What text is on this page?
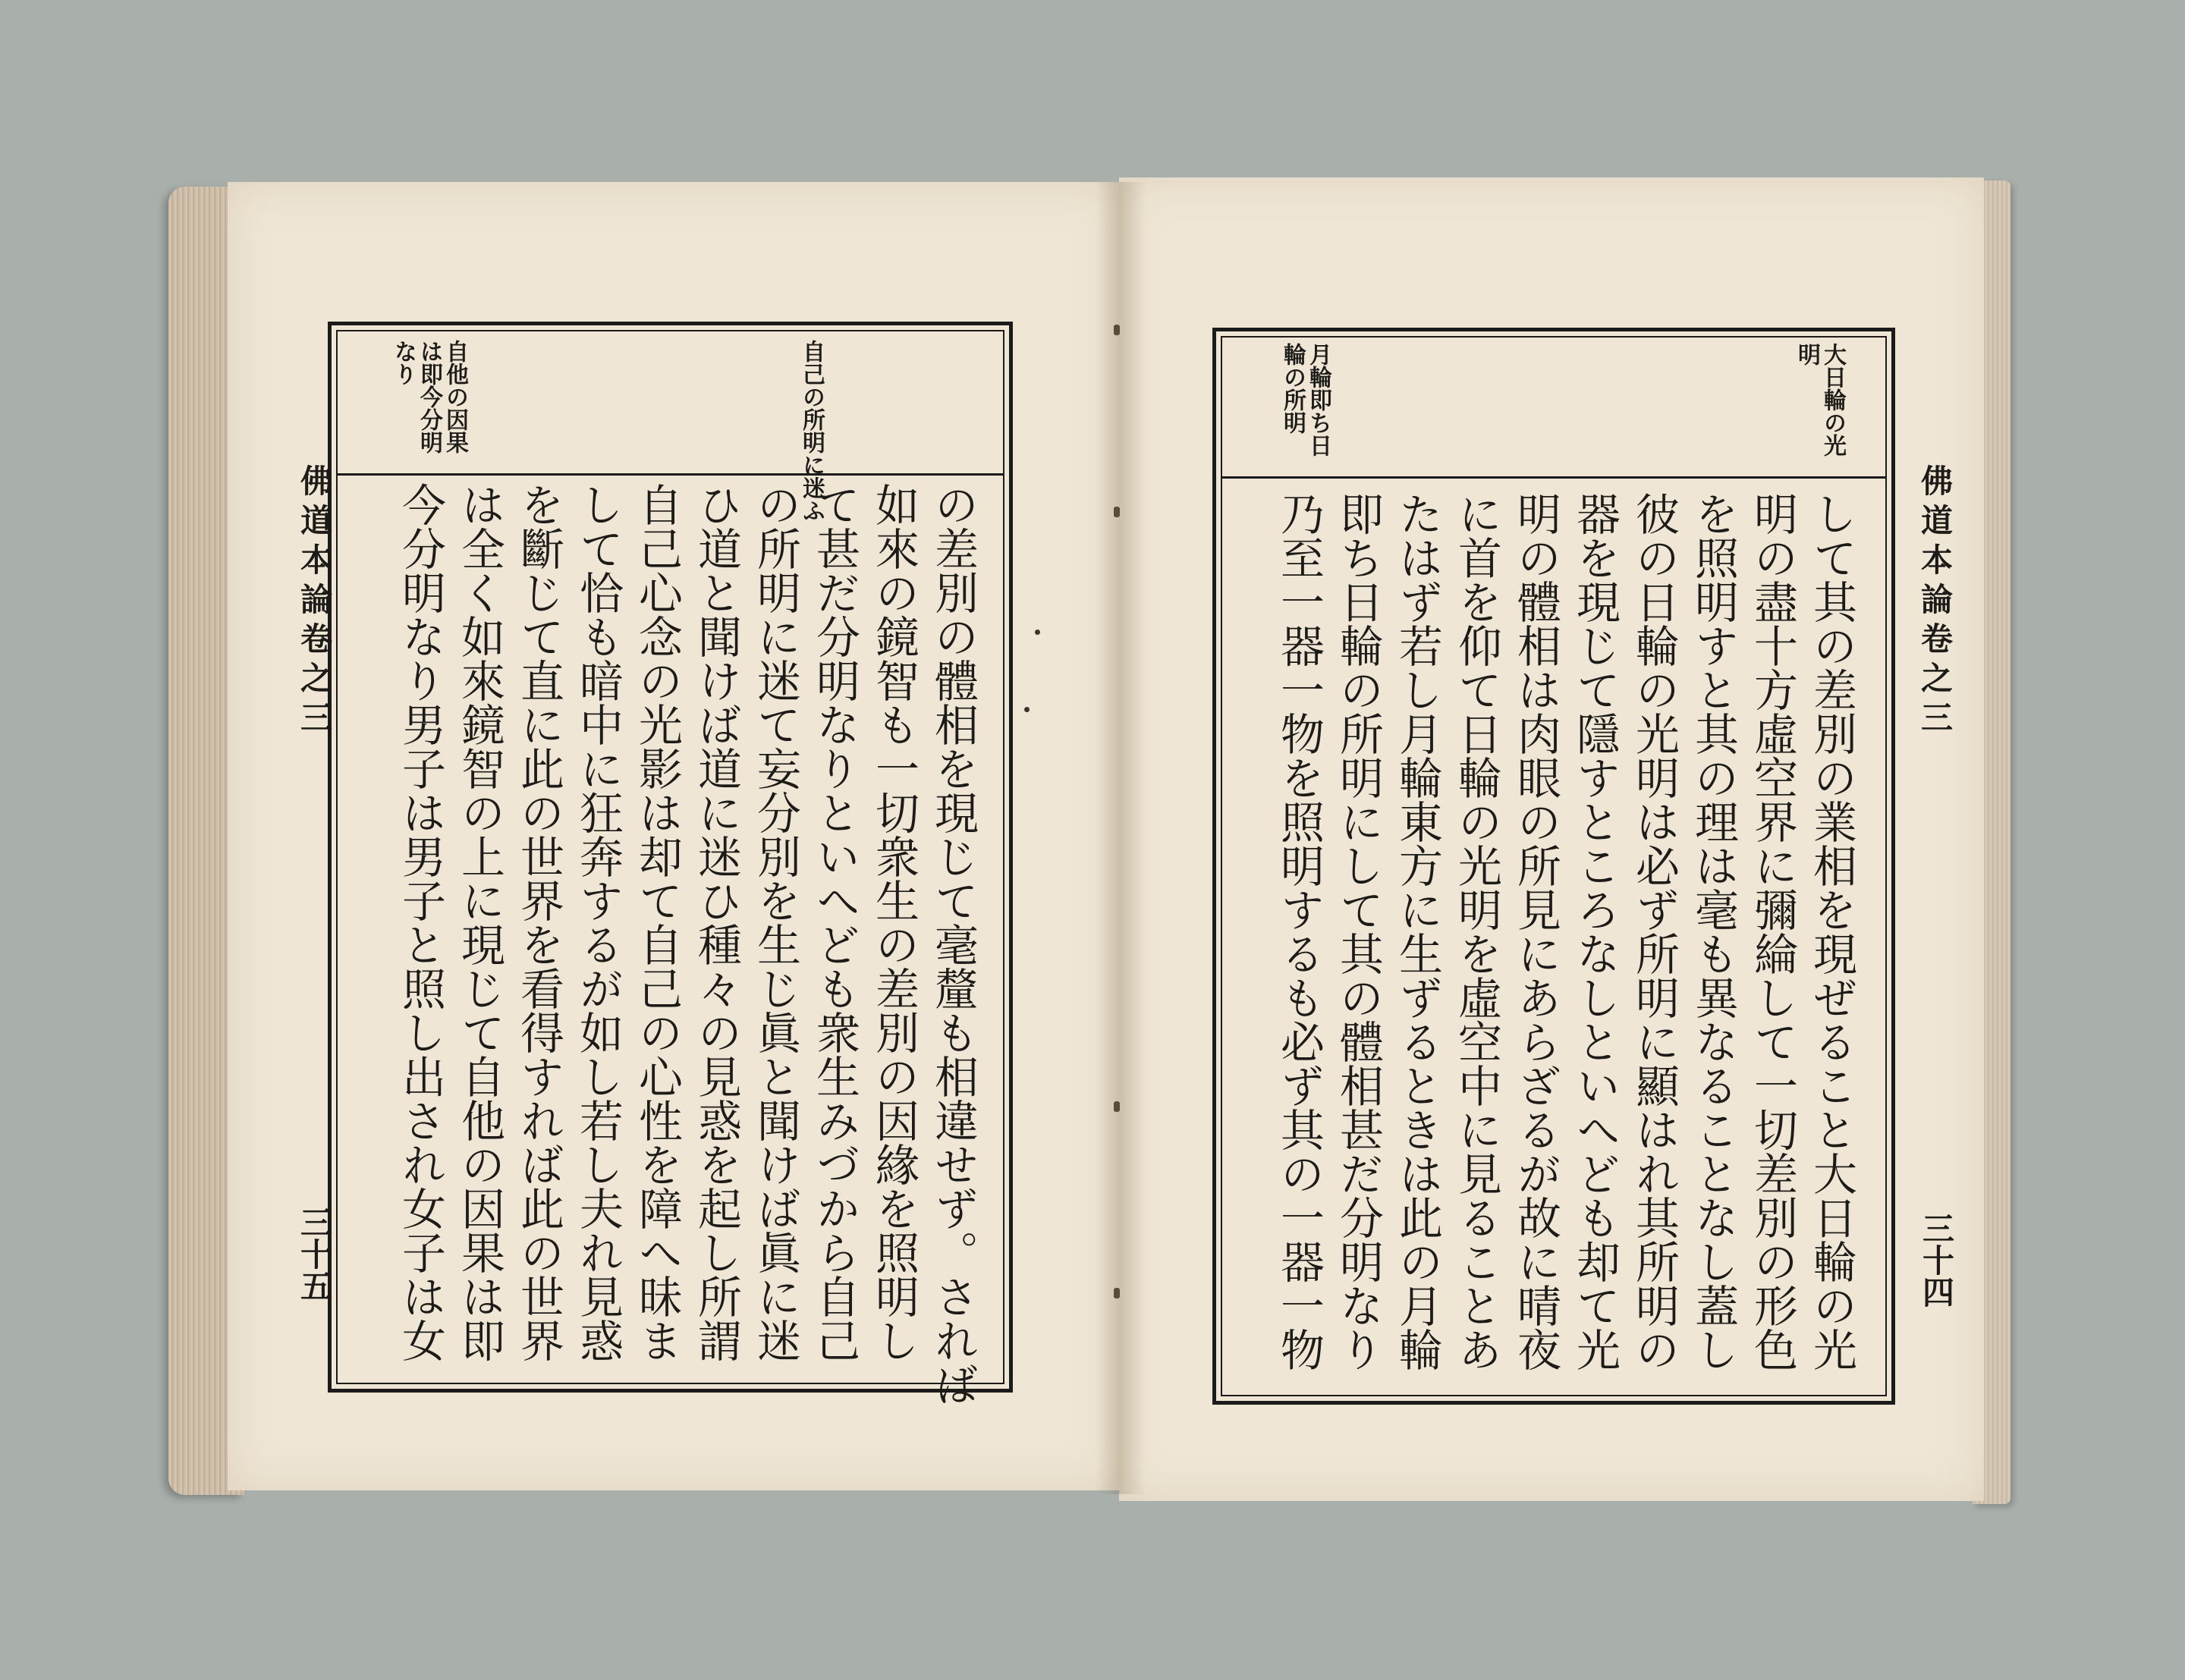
自己の所明に迷ふ
自他の因果は即今分明なり
佛道本論卷之三
三十五	の差別の體相を現じて毫釐も相違せず。されば
如來の鏡智も一切衆生の差別の因緣を照明し
て甚だ分明なりといへども衆生みづから自己
の所明に迷て妄分別を生じ眞と聞けば眞に迷
ひ道と聞けば道に迷ひ種々の見惑を起し所謂
自己心念の光影は却て自己の心性を障へ昧ま
して恰も暗中に狂奔するが如し若し夫れ見惑
を斷じて直に此の世界を看得すれば此の世界
は全く如來鏡智の上に現じて自他の因果は即
今分明なり男子は男子と照し出され女子は女
大日輪の光明
月輪即ち日輪の所明
佛道本論卷之三
三十四
して其の差別の業相を現ぜること大日輪の光
明の盡十方虛空界に彌綸して一切差別の形色
を照明すと其の理は毫も異なることなし蓋し
彼の日輪の光明は必ず所明に顯はれ其所明の
器を現じて隱すところなしといへども却て光
明の體相は肉眼の所見にあらざるが故に晴夜
に首を仰て日輪の光明を虛空中に見ることあ
たはず若し月輪東方に生ずるときは此の月輪
即ち日輪の所明にして其の體相甚だ分明なり
乃至一器一物を照明するも必ず其の一器一物
